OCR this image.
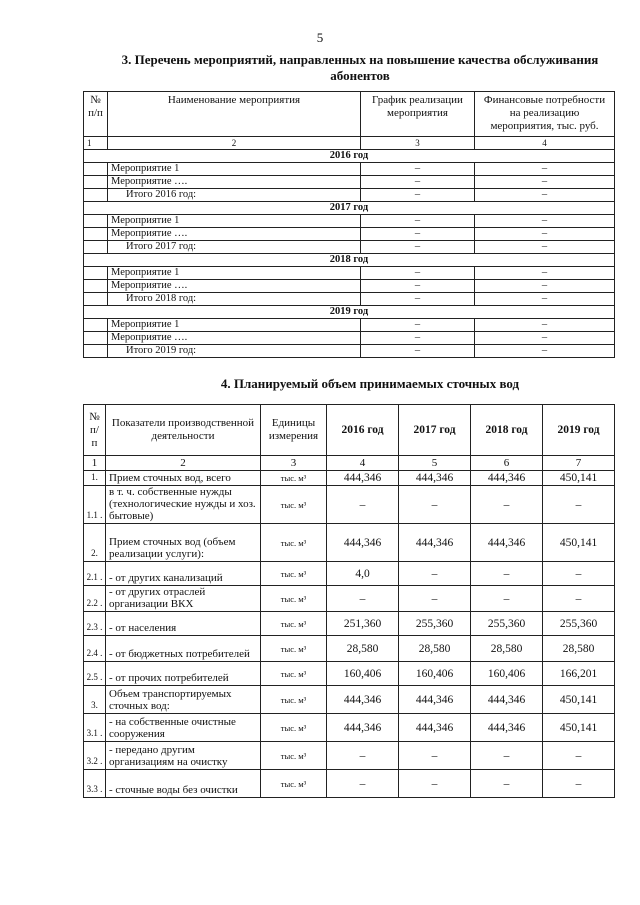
5
3. Перечень мероприятий, направленных на повышение качества обслуживания
абонентов
№ п/п	Наименование мероприятия	График реализации мероприятия	Финансовые потребности на реализацию мероприятия, тыс. руб.
1	2	3	4
2016 год			
	Мероприятие 1	–	–
	Мероприятие ….	–	–
	Итого 2016 год:	–	–
2017 год			
	Мероприятие 1	–	–
	Мероприятие ….	–	–
	Итого 2017 год:	–	–
2018 год			
	Мероприятие 1	–	–
	Мероприятие ….	–	–
	Итого 2018 год:	–	–
2019 год			
	Мероприятие 1	–	–
	Мероприятие ….	–	–
	Итого 2019 год:	–	–
4. Планируемый объем принимаемых сточных вод
№ п/ п	Показатели производственной деятельности	Единицы измерения	2016 год	2017 год	2018 год	2019 год
1	2	3	4	5	6	7
1.	Прием сточных вод, всего	тыс. м³	444,346	444,346	444,346	450,141
1.1 .	в т. ч. собственные нужды (технологические нужды и хоз. бытовые)	тыс. м³	–	–	–	–
2.	Прием сточных вод (объем реализации услуги):	тыс. м³	444,346	444,346	444,346	450,141
2.1 .	- от других канализаций	тыс. м³	4,0	–	–	–
2.2 .	- от других отраслей организации ВКХ	тыс. м³	–	–	–	–
2.3 .	- от населения	тыс. м³	251,360	255,360	255,360	255,360
2.4 .	- от бюджетных потребителей	тыс. м³	28,580	28,580	28,580	28,580
2.5 .	- от прочих потребителей	тыс. м³	160,406	160,406	160,406	166,201
3.	Объем транспортируемых сточных вод:	тыс. м³	444,346	444,346	444,346	450,141
3.1 .	- на собственные очистные сооружения	тыс. м³	444,346	444,346	444,346	450,141
3.2 .	- передано другим организациям на очистку	тыс. м³	–	–	–	–
3.3 .	- сточные воды без очистки	тыс. м³	–	–	–	–
